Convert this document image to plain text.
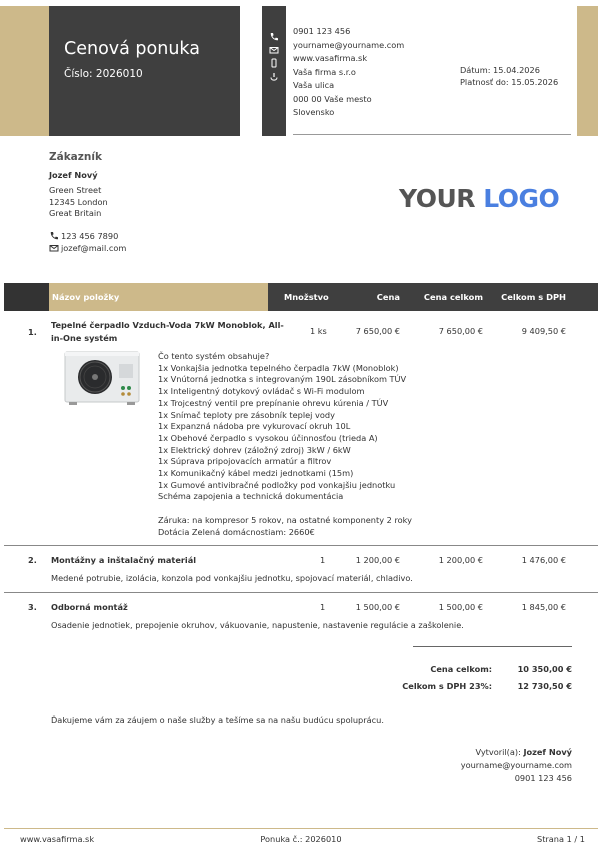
Cenová ponuka
Číslo: 2026010
0901 123 456
yourname@yourname.com
www.vasafirma.sk
Vaša firma s.r.o
Vaša ulica
000 00 Vaše mesto
Slovensko
Dátum: 15.04.2026
Platnosť do: 15.05.2026
Zákazník
Jozef Nový
Green Street
12345 London
Great Britain
123 456 7890
jozef@mail.com
YOUR LOGO
Názov položky	Množstvo	Cena	Cena celkom	Celkom s DPH
1.
Tepelné čerpadlo Vzduch-Voda 7kW Monoblok, All-
in-One systém
1 ks	7 650,00 €	7 650,00 €	9 409,50 €
Čo tento systém obsahuje?
1x Vonkajšia jednotka tepelného čerpadla 7kW (Monoblok)
1x Vnútorná jednotka s integrovaným 190L zásobníkom TÚV
1x Inteligentný dotykový ovládač s Wi-Fi modulom
1x Trojcestný ventil pre prepínanie ohrevu kúrenia / TÚV
1x Snímač teploty pre zásobník teplej vody
1x Expanzná nádoba pre vykurovací okruh 10L
1x Obehové čerpadlo s vysokou účinnosťou (trieda A)
1x Elektrický dohrev (záložný zdroj) 3kW / 6kW
1x Súprava pripojovacích armatúr a filtrov
1x Komunikačný kábel medzi jednotkami (15m)
1x Gumové antivibračné podložky pod vonkajšiu jednotku
Schéma zapojenia a technická dokumentácia
Záruka: na kompresor 5 rokov, na ostatné komponenty 2 roky
Dotácia Zelená domácnostiam: 2660€
2. Montážny a inštalačný materiál	1	1 200,00 €	1 200,00 €	1 476,00 €
Medené potrubie, izolácia, konzola pod vonkajšiu jednotku, spojovací materiál, chladivo.
3. Odborná montáž	1	1 500,00 €	1 500,00 €	1 845,00 €
Osadenie jednotiek, prepojenie okruhov, vákuovanie, napustenie, nastavenie regulácie a zaškolenie.
Cena celkom:	10 350,00 €
Celkom s DPH 23%:	12 730,50 €
Ďakujeme vám za záujem o naše služby a tešíme sa na našu budúcu spoluprácu.
Vytvoril(a): Jozef Nový
yourname@yourname.com
0901 123 456
www.vasafirma.sk	Ponuka č.: 2026010	Strana 1 / 1
